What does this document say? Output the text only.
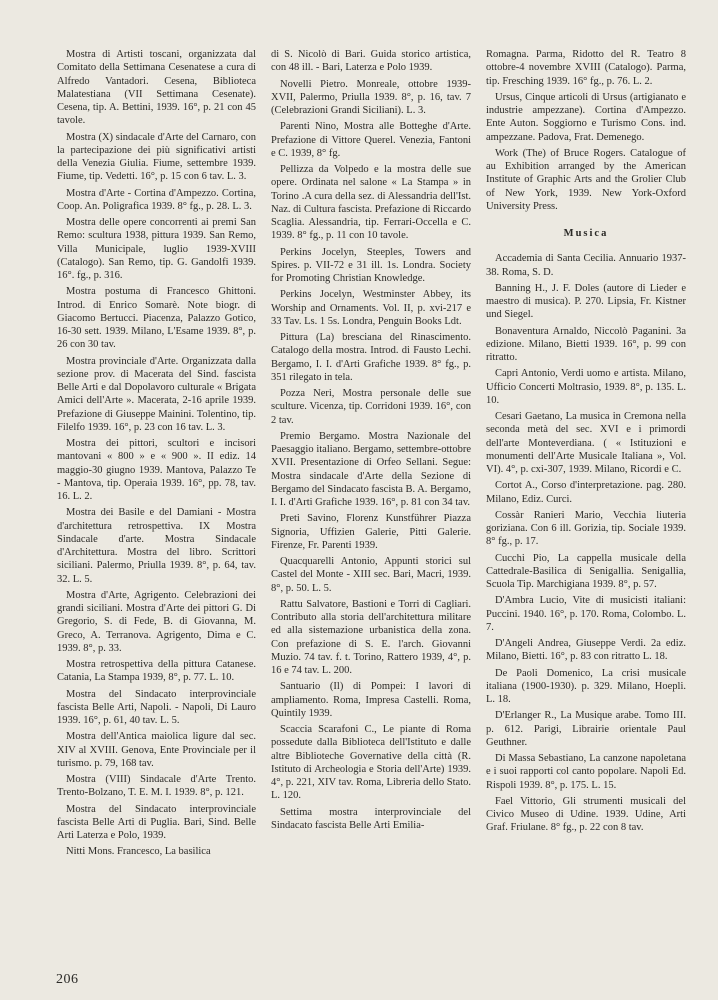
Mostra di Artisti toscani, organizzata dal Comitato della Settimana Cesenatese a cura di Alfredo Vantadori. Cesena, Biblioteca Malatestiana (VII Settimana Cesenate). Cesena, tip. A. Bettini, 1939. 16°, p. 21 con 45 tavole.

Mostra (X) sindacale d'Arte del Carnaro, con la partecipazione dei più significativi artisti della Venezia Giulia. Fiume, settembre 1939. Fiume, tip. Vedetti. 16°, p. 15 con 6 tav. L. 3.

Mostra d'Arte - Cortina d'Ampezzo. Cortina, Coop. An. Poligrafica 1939. 8° fg., p. 28. L. 3.

Mostra delle opere concorrenti ai premi San Remo: scultura 1938, pittura 1939. San Remo, Villa Municipale, luglio 1939-XVIII (Catalogo). San Remo, tip. G. Gandolfi 1939. 16°. fg., p. 316.

Mostra postuma di Francesco Ghittoni. Introd. di Enrico Somarè. Note biogr. di Giacomo Bertucci. Piacenza, Palazzo Gotico, 16-30 sett. 1939. Milano, L'Esame 1939. 8°, p. 26 con 30 tav.

Mostra provinciale d'Arte. Organizzata dalla sezione prov. di Macerata del Sind. fascista Belle Arti e dal Dopolavoro culturale « Brigata Amici dell'Arte ». Macerata, 2-16 aprile 1939. Prefazione di Giuseppe Mainini. Tolentino, tip. Filelfo 1939. 16°, p. 23 con 16 tav. L. 3.

Mostra dei pittori, scultori e incisori mantovani « 800 » e « 900 ». II ediz. 14 maggio-30 giugno 1939. Mantova, Palazzo Te - Mantova, tip. Operaia 1939. 16°, pp. 78, tav. 16. L. 2.

Mostra dei Basile e del Damiani - Mostra d'architettura retrospettiva. IX Mostra Sindacale d'arte. Mostra Sindacale d'Architettura. Mostra del libro. Scrittori siciliani. Palermo, Priulla 1939. 8°, p. 64, tav. 32. L. 5.

Mostra d'Arte, Agrigento. Celebrazioni dei grandi siciliani. Mostra d'Arte dei pittori G. Di Gregorio, S. di Fede, B. di Giovanna, M. Greco, A. Terranova. Agrigento, Dima e C. 1939. 8°, p. 33.

Mostra retrospettiva della pittura Catanese. Catania, La Stampa 1939, 8°, p. 77. L. 10.

Mostra del Sindacato interprovinciale fascista Belle Arti, Napoli. - Napoli, Di Lauro 1939. 16°, p. 61, 40 tav. L. 5.

Mostra dell'Antica maiolica ligure dal sec. XIV al XVIII. Genova, Ente Provinciale per il turismo. p. 79, 168 tav.

Mostra (VIII) Sindacale d'Arte Trento. Trento-Bolzano, T. E. M. I. 1939. 8°, p. 121.

Mostra del Sindacato interprovinciale fascista Belle Arti di Puglia. Bari, Sind. Belle Arti Laterza e Polo, 1939.

Nitti Mons. Francesco, La basilica

di S. Nicolò di Bari. Guida storico artistica, con 48 ill. - Bari, Laterza e Polo 1939.

Novelli Pietro. Monreale, ottobre 1939-XVII, Palermo, Priulla 1939. 8°, p. 16, tav. 7 (Celebrazioni Grandi Siciliani). L. 3.

Parenti Nino, Mostra alle Botteghe d'Arte. Prefazione di Vittore Querel. Venezia, Fantoni e C. 1939, 8° fg.

Pellizza da Volpedo e la mostra delle sue opere. Ordinata nel salone « La Stampa » in Torino .A cura della sez. di Alessandria dell'Ist. Naz. di Cultura fascista. Prefazione di Riccardo Scaglia. Alessandria, tip. Ferrari-Occella e C. 1939. 8° fg., p. 11 con 10 tavole.

Perkins Jocelyn, Steeples, Towers and Spires. p. VII-72 e 31 ill. 1s. Londra. Society for Promoting Christian Knowledge.

Perkins Jocelyn, Westminster Abbey, its Worship and Ornaments. Vol. II, p. xvi-217 e 33 Tav. Ls. 1 5s. Londra, Penguin Books Ldt.

Pittura (La) bresciana del Rinascimento. Catalogo della mostra. Introd. di Fausto Lechi. Bergamo, I. I. d'Arti Grafiche 1939. 8° fg., p. 351 rilegato in tela.

Pozza Neri, Mostra personale delle sue sculture. Vicenza, tip. Corridoni 1939. 16°, con 2 tav.

Premio Bergamo. Mostra Nazionale del Paesaggio italiano. Bergamo, settembre-ottobre XVII. Presentazione di Orfeo Sellani. Segue: Mostra sindacale d'Arte della Sezione di Bergamo del Sindacato fascista B. A. Bergamo, I. I. d'Arti Grafiche 1939. 16°, p. 81 con 34 tav.

Preti Savino, Florenz Kunstführer Piazza Signoria, Uffizien Galerie, Pitti Galerie. Firenze, Fr. Parenti 1939.

Quacquarelli Antonio, Appunti storici sul Castel del Monte - XIII sec. Bari, Macri, 1939. 8°, p. 50. L. 5.

Rattu Salvatore, Bastioni e Torri di Cagliari. Contributo alla storia dell'architettura militare ed alla sistemazione urbanistica della zona. Con prefazione di S. E. l'arch. Giovanni Muzio. 74 tav. f. t. Torino, Rattero 1939, 4°, p. 16 e 74 tav. L. 200.

Santuario (Il) di Pompei: I lavori di ampliamento. Roma, Impresa Castelli. Roma, Quintily 1939.

Scaccia Scarafoni C., Le piante di Roma possedute dalla Biblioteca dell'Istituto e dalle altre Biblioteche Governative della città (R. Istituto di Archeologia e Storia dell'Arte) 1939. 4°, p. 221, XIV tav. Roma, Libreria dello Stato. L. 120.

Settima mostra interprovinciale del Sindacato fascista Belle Arti Emilia-

Romagna. Parma, Ridotto del R. Teatro 8 ottobre-4 novembre XVIII (Catalogo). Parma, tip. Fresching 1939. 16° fg., p. 76. L. 2.

Ursus, Cinque articoli di Ursus (artigianato e industrie ampezzane). Cortina d'Ampezzo. Ente Auton. Soggiorno e Turismo Cons. ind. ampezzane. Padova, Frat. Demenego.

Work (The) of Bruce Rogers. Catalogue of au Exhibition arranged by the American Institute of Graphic Arts and the Grolier Club of New York, 1939. New York-Oxford University Press.

Musica

Accademia di Santa Cecilia. Annuario 1937-38. Roma, S. D.

Banning H., J. F. Doles (autore di Lieder e maestro di musica). P. 270. Lipsia, Fr. Kistner und Siegel.

Bonaventura Arnaldo, Niccolò Paganini. 3a edizione. Milano, Bietti 1939. 16°, p. 99 con ritratto.

Capri Antonio, Verdi uomo e artista. Milano, Ufficio Concerti Moltrasio, 1939. 8°, p. 135. L. 10.

Cesari Gaetano, La musica in Cremona nella seconda metà del sec. XVI e i primordi dell'arte Monteverdiana. ( « Istituzioni e monumenti dell'Arte Musicale Italiana », Vol. VI). 4°, p. cxi-307, 1939. Milano, Ricordi e C.

Cortot A., Corso d'interpretazione. pag. 280. Milano, Ediz. Curci.

Cossàr Ranieri Mario, Vecchia liuteria goriziana. Con 6 ill. Gorizia, tip. Sociale 1939. 8° fg., p. 17.

Cucchi Pio, La cappella musicale della Cattedrale-Basilica di Senigallia. Senigallia, Scuola Tip. Marchigiana 1939. 8°, p. 57.

D'Ambra Lucio, Vite di musicisti italiani: Puccini. 1940. 16°, p. 170. Roma, Colombo. L. 7.

D'Angeli Andrea, Giuseppe Verdi. 2a ediz. Milano, Bietti. 16°, p. 83 con ritratto L. 18.

De Paoli Domenico, La crisi musicale italiana (1900-1930). p. 329. Milano, Hoepli. L. 18.

D'Erlanger R., La Musique arabe. Tomo III. p. 612. Parigi, Librairie orientale Paul Geuthner.

Di Massa Sebastiano, La canzone napoletana e i suoi rapporti col canto popolare. Napoli Ed. Rispoli 1939. 8°, p. 175. L. 15.

Fael Vittorio, Gli strumenti musicali del Civico Museo di Udine. 1939. Udine, Arti Graf. Friulane. 8° fg., p. 22 con 8 tav.

206
